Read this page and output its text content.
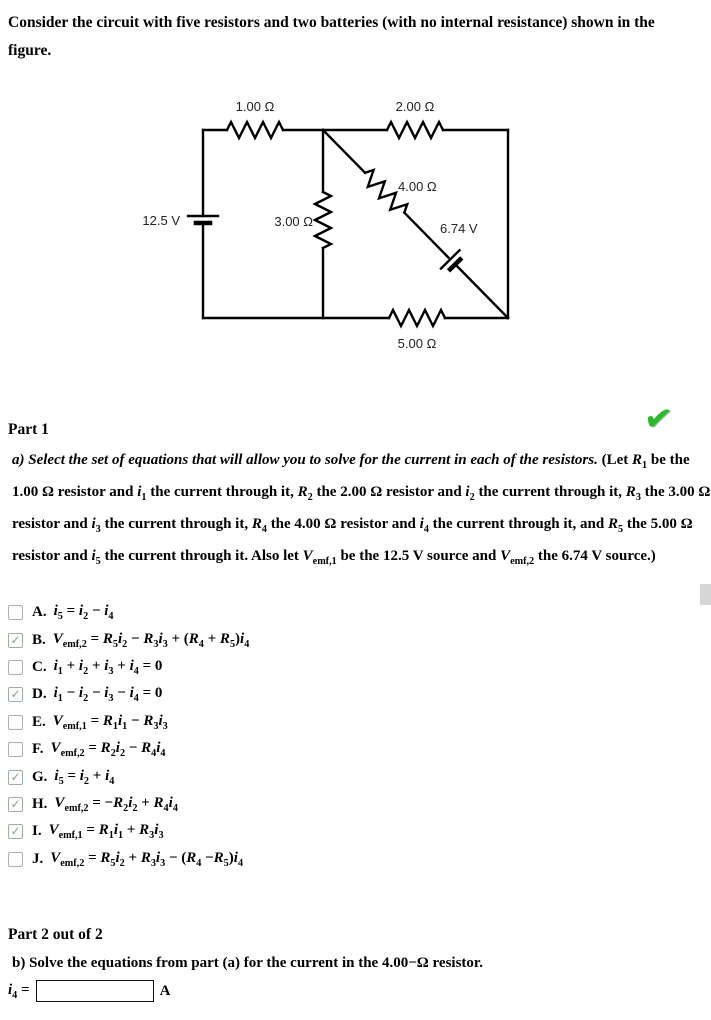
Consider the circuit with five resistors and two batteries (with no internal resistance) shown in the figure.
1.00 Ω	2.00 Ω
4.00 Ω
3.00 Ω
12.5 V
6.74 V
5.00 Ω
Part 1	✔
a) Select the set of equations that will allow you to solve for the current in each of the resistors. (Let $R_1$ be the 1.00 Ω resistor and $i_1$ the current through it, $R_2$ the 2.00 Ω resistor and $i_2$ the current through it, $R_3$ the 3.00 Ω resistor and $i_3$ the current through it, $R_4$ the 4.00 Ω resistor and $i_4$ the current through it, and $R_5$ the 5.00 Ω resistor and $i_5$ the current through it. Also let $V_{emf,1}$ be the 12.5 V source and $V_{emf,2}$ the 6.74 V source.)
A. $i_5 = i_2 - i_4$
✓ B. $V_{emf,2} = R_5i_2 - R_3i_3 + (R_4 + R_5)i_4$
C. $i_1 + i_2 + i_3 + i_4 = 0$
✓ D. $i_1 - i_2 - i_3 - i_4 = 0$
E. $V_{emf,1} = R_1i_1 - R_3i_3$
F. $V_{emf,2} = R_2i_2 - R_4i_4$
✓ G. $i_5 = i_2 + i_4$
✓ H. $V_{emf,2} = -R_2i_2 + R_4i_4$
✓ I. $V_{emf,1} = R_1i_1 + R_3i_3$
J. $V_{emf,2} = R_5i_2 + R_3i_3 - (R_4 -R_5)i_4$
Part 2 out of 2
b) Solve the equations from part (a) for the current in the 4.00−Ω resistor.
$i_4$ =	A
